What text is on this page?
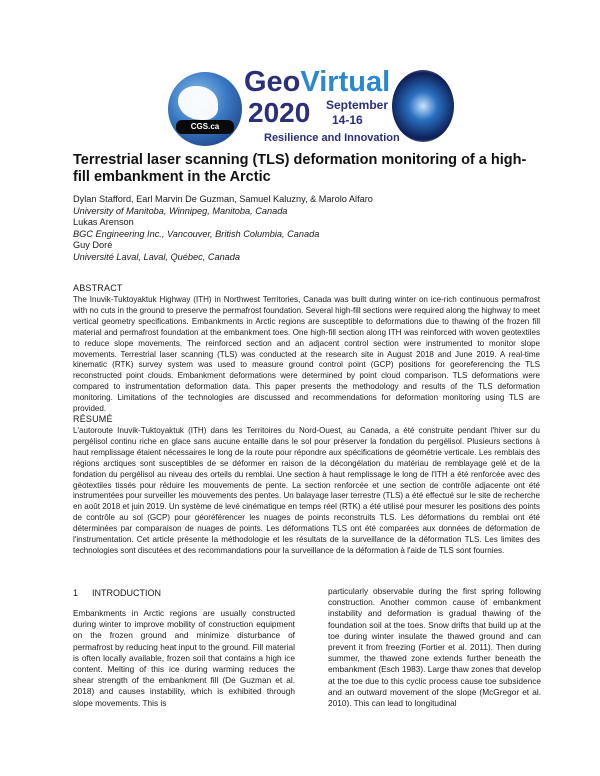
CGS.ca
GeoVirtual
2020 September
14-16
Resilience and Innovation
Terrestrial laser scanning (TLS) deformation monitoring of a high-fill embankment in the Arctic
Dylan Stafford, Earl Marvin De Guzman, Samuel Kaluzny, & Marolo Alfaro
University of Manitoba, Winnipeg, Manitoba, Canada
Lukas Arenson
BGC Engineering Inc., Vancouver, British Columbia, Canada
Guy Doré
Université Laval, Laval, Québec, Canada
ABSTRACT

The Inuvik-Tuktoyaktuk Highway (ITH) in Northwest Territories, Canada was built during winter on ice-rich continuous permafrost with no cuts in the ground to preserve the permafrost foundation. Several high-fill sections were required along the highway to meet vertical geometry specifications. Embankments in Arctic regions are susceptible to deformations due to thawing of the frozen fill material and permafrost foundation at the embankment toes. One high-fill section along ITH was reinforced with woven geotextiles to reduce slope movements. The reinforced section and an adjacent control section were instrumented to monitor slope movements. Terrestrial laser scanning (TLS) was conducted at the research site in August 2018 and June 2019. A real-time kinematic (RTK) survey system was used to measure ground control point (GCP) positions for georeferencing the TLS reconstructed point clouds. Embankment deformations were determined by point cloud comparison. TLS deformations were compared to instrumentation deformation data. This paper presents the methodology and results of the TLS deformation monitoring. Limitations of the technologies are discussed and recommendations for deformation monitoring using TLS are provided.

RÉSUMÉ

L'autoroute Inuvik-Tuktoyaktuk (ITH) dans les Territoires du Nord-Ouest, au Canada, a été construite pendant l'hiver sur du pergélisol continu riche en glace sans aucune entaille dans le sol pour préserver la fondation du pergélisol. Plusieurs sections à haut remplissage étaient nécessaires le long de la route pour répondre aux spécifications de géométrie verticale. Les remblais des régions arctiques sont susceptibles de se déformer en raison de la décongélation du matériau de remblayage gelé et de la fondation du pergélisol au niveau des orteils du remblai. Une section à haut remplissage le long de l'ITH a été renforcée avec des géotextiles tissés pour réduire les mouvements de pente. La section renforcée et une section de contrôle adjacente ont été instrumentées pour surveiller les mouvements des pentes. Un balayage laser terrestre (TLS) a été effectué sur le site de recherche en août 2018 et juin 2019. Un système de levé cinématique en temps réel (RTK) a été utilisé pour mesurer les positions des points de contrôle au sol (GCP) pour géoréférencer les nuages de points reconstruits TLS. Les déformations du remblai ont été déterminées par comparaison de nuages de points. Les déformations TLS ont été comparées aux données de déformation de l'instrumentation. Cet article présente la méthodologie et les résultats de la surveillance de la déformation TLS. Les limites des technologies sont discutées et des recommandations pour la surveillance de la déformation à l'aide de TLS sont fournies.

1 INTRODUCTION

Embankments in Arctic regions are usually constructed during winter to improve mobility of construction equipment on the frozen ground and minimize disturbance of permafrost by reducing heat input to the ground. Fill material is often locally available, frozen soil that contains a high ice content. Melting of this ice during warming reduces the shear strength of the embankment fill (De Guzman et al. 2018) and causes instability, which is exhibited through slope movements. This is

particularly observable during the first spring following construction. Another common cause of embankment instability and deformation is gradual thawing of the foundation soil at the toes. Snow drifts that build up at the toe during winter insulate the thawed ground and can prevent it from freezing (Fortier et al. 2011). Then during summer, the thawed zone extends further beneath the embankment (Esch 1983). Large thaw zones that develop at the toe due to this cyclic process cause toe subsidence and an outward movement of the slope (McGregor et al. 2010). This can lead to longitudinal
